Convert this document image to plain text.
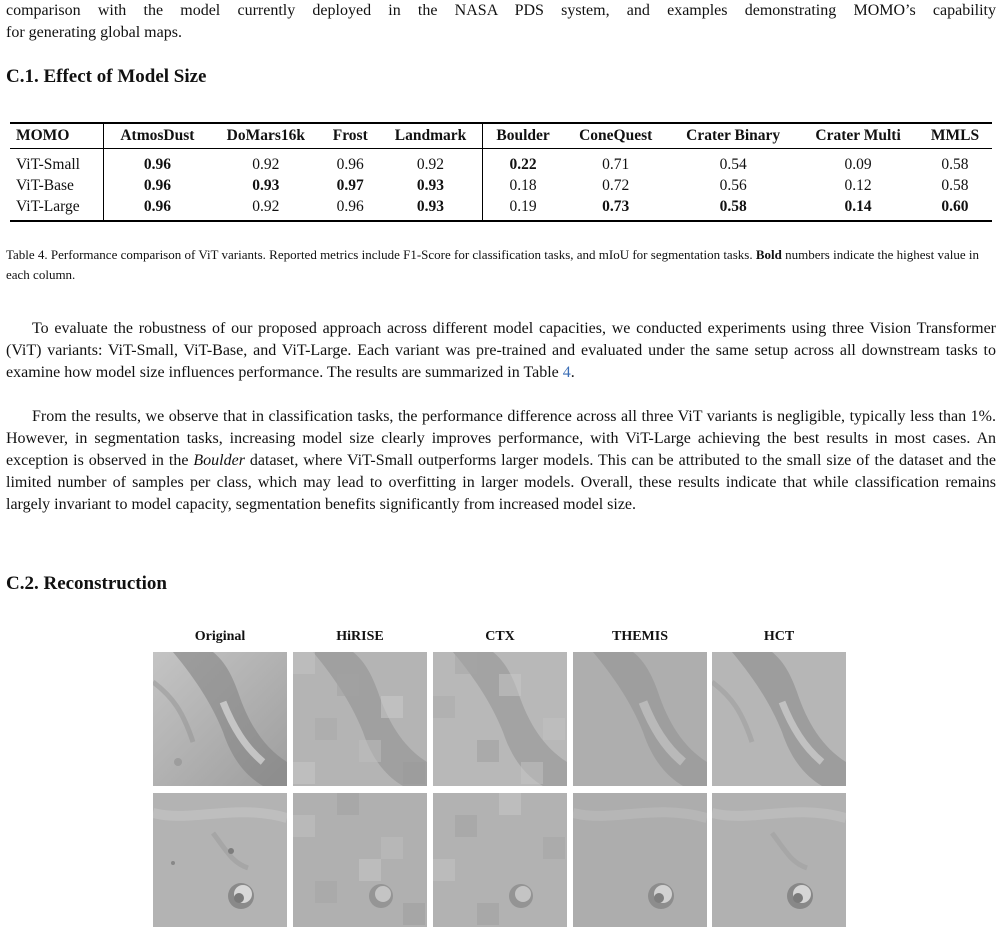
comparison with the model currently deployed in the NASA PDS system, and examples demonstrating MOMO’s capability
for generating global maps.
C.1. Effect of Model Size
MOMO	AtmosDust	DoMars16k	Frost	Landmark	Boulder	ConeQuest	Crater Binary	Crater Multi	MMLS
ViT-Small	0.96	0.92	0.96	0.92	0.22	0.71	0.54	0.09	0.58
ViT-Base	0.96	0.93	0.97	0.93	0.18	0.72	0.56	0.12	0.58
ViT-Large	0.96	0.92	0.96	0.93	0.19	0.73	0.58	0.14	0.60
Table 4. Performance comparison of ViT variants. Reported metrics include F1-Score for classification tasks, and mIoU for segmentation tasks. Bold numbers indicate the highest value in each column.
To evaluate the robustness of our proposed approach across different model capacities, we conducted experiments using three Vision Transformer (ViT) variants: ViT-Small, ViT-Base, and ViT-Large. Each variant was pre-trained and evaluated under the same setup across all downstream tasks to examine how model size influences performance. The results are summarized in Table 4.
From the results, we observe that in classification tasks, the performance difference across all three ViT variants is negligible, typically less than 1%. However, in segmentation tasks, increasing model size clearly improves performance, with ViT-Large achieving the best results in most cases. An exception is observed in the Boulder dataset, where ViT-Small outperforms larger models. This can be attributed to the small size of the dataset and the limited number of samples per class, which may lead to overfitting in larger models. Overall, these results indicate that while classification remains largely invariant to model capacity, segmentation benefits significantly from increased model size.
C.2. Reconstruction
Original	HiRISE	CTX	THEMIS	HCT
